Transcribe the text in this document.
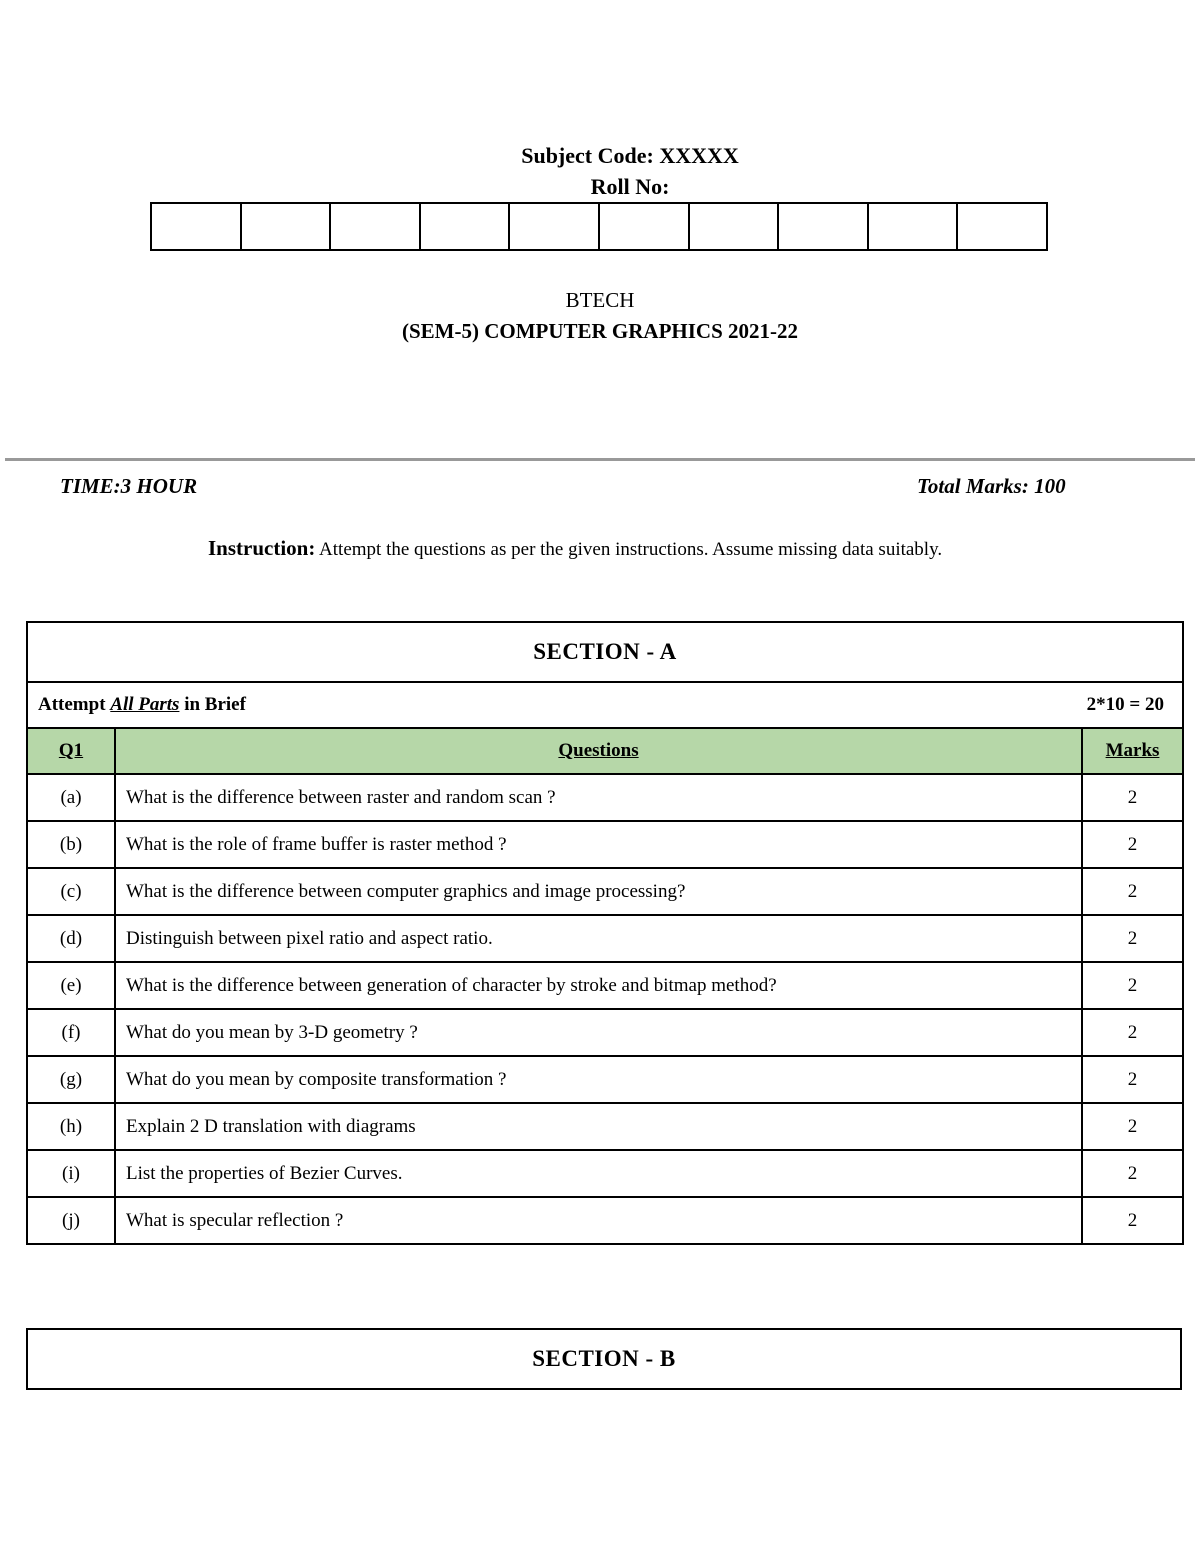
Subject Code: XXXXX
Roll No:
BTECH
(SEM-5) COMPUTER GRAPHICS 2021-22
TIME:3 HOUR	Total Marks: 100
Instruction: Attempt the questions as per the given instructions. Assume missing data suitably.
SECTION - A		

Attempt All Parts in Brief 2*10 = 20		

Q1	Questions	Marks
(a)	What is the difference between raster and random scan ?	2
(b)	What is the role of frame buffer is raster method ?	2
(c)	What is the difference between computer graphics and image processing?	2
(d)	Distinguish between pixel ratio and aspect ratio.	2
(e)	What is the difference between generation of character by stroke and bitmap method?	2
(f)	What do you mean by 3-D geometry ?	2
(g)	What do you mean by composite transformation ?	2
(h)	Explain 2 D translation with diagrams	2
(i)	List the properties of Bezier Curves.	2
(j)	What is specular reflection ?	2
SECTION - B
